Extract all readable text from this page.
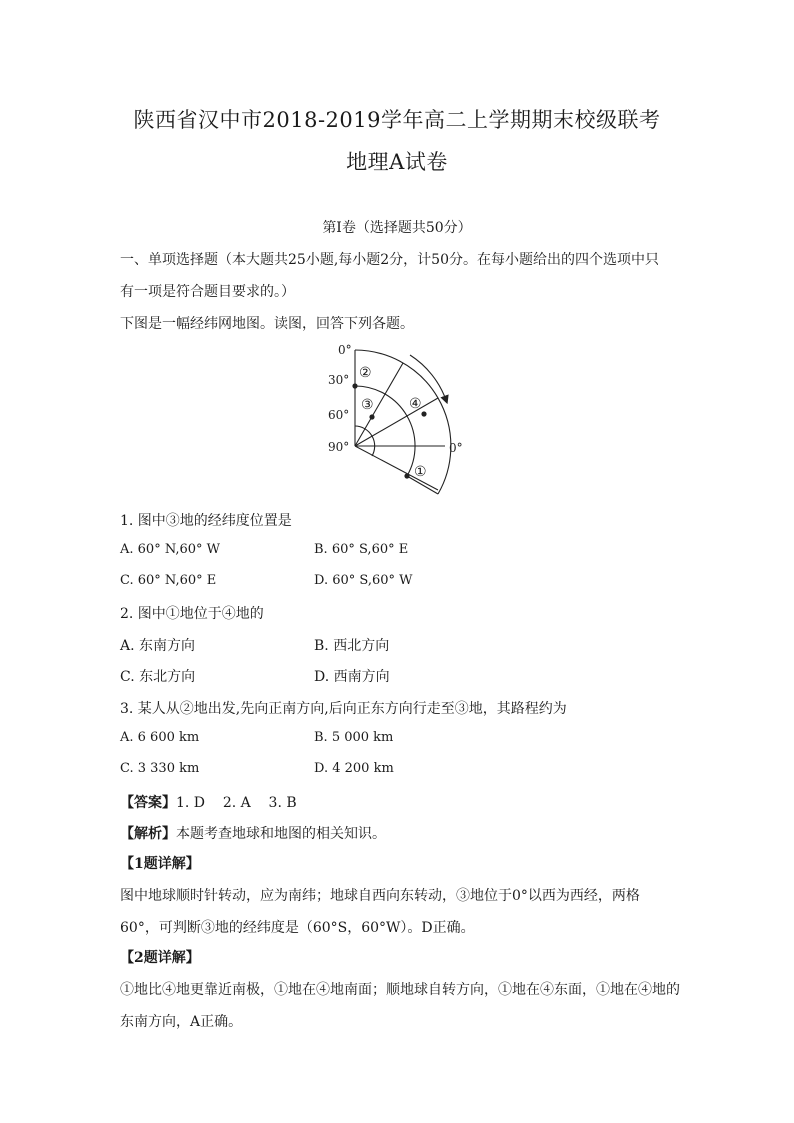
陕西省汉中市2018-2019学年高二上学期期末校级联考
地理A试卷
第I卷（选择题共50分）
一、单项选择题（本大题共25小题,每小题2分，计50分。在每小题给出的四个选项中只
有一项是符合题目要求的。）
下图是一幅经纬网地图。读图，回答下列各题。
0°
30°
60°
90°	0°
②
③	④
①
1. 图中③地的经纬度位置是
A. 60° N,60° W	B. 60° S,60° E
C. 60° N,60° E	D. 60° S,60° W
2. 图中①地位于④地的
A. 东南方向	B. 西北方向
C. 东北方向	D. 西南方向
3. 某人从②地出发,先向正南方向,后向正东方向行走至③地，其路程约为
A. 6 600 km	B. 5 000 km
C. 3 330 km	D. 4 200 km
【答案】1. D    2. A    3. B
【解析】本题考查地球和地图的相关知识。
【1题详解】
图中地球顺时针转动，应为南纬；地球自西向东转动，③地位于0°以西为西经，两格
60°，可判断③地的经纬度是（60°S，60°W）。D正确。
【2题详解】
①地比④地更靠近南极，①地在④地南面；顺地球自转方向，①地在④东面，①地在④地的
东南方向，A正确。
